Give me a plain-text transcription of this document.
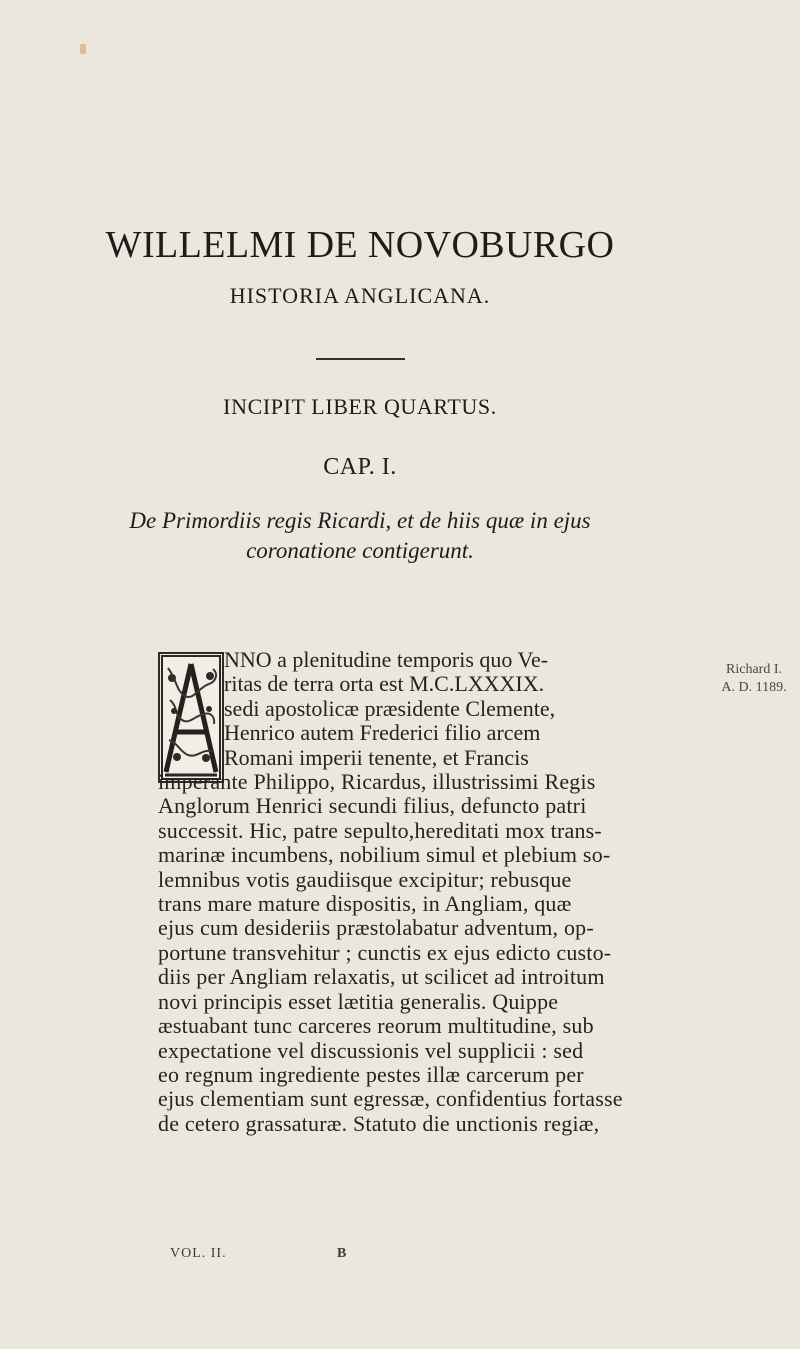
WILLELMI DE NOVOBURGO
HISTORIA ANGLICANA.
INCIPIT LIBER QUARTUS.
CAP. I.
De Primordiis regis Ricardi, et de hiis quæ in ejus
coronatione contigerunt.
Richard I.
A. D. 1189.
NNO a plenitudine temporis quo Ve-
ritas de terra orta est M.C.LXXXIX.
sedi apostolicæ præsidente Clemente,
Henrico autem Frederici filio arcem
Romani imperii tenente, et Francis
imperante Philippo, Ricardus, illustrissimi Regis
Anglorum Henrici secundi filius, defuncto patri
successit. Hic, patre sepulto,hereditati mox trans-
marinæ incumbens, nobilium simul et plebium so-
lemnibus votis gaudiisque excipitur; rebusque
trans mare mature dispositis, in Angliam, quæ
ejus cum desideriis præstolabatur adventum, op-
portune transvehitur ; cunctis ex ejus edicto custo-
diis per Angliam relaxatis, ut scilicet ad introitum
novi principis esset lætitia generalis. Quippe
æstuabant tunc carceres reorum multitudine, sub
expectatione vel discussionis vel supplicii : sed
eo regnum ingrediente pestes illæ carcerum per
ejus clementiam sunt egressæ, confidentius fortasse
de cetero grassaturæ. Statuto die unctionis regiæ,
VOL. II.	B
